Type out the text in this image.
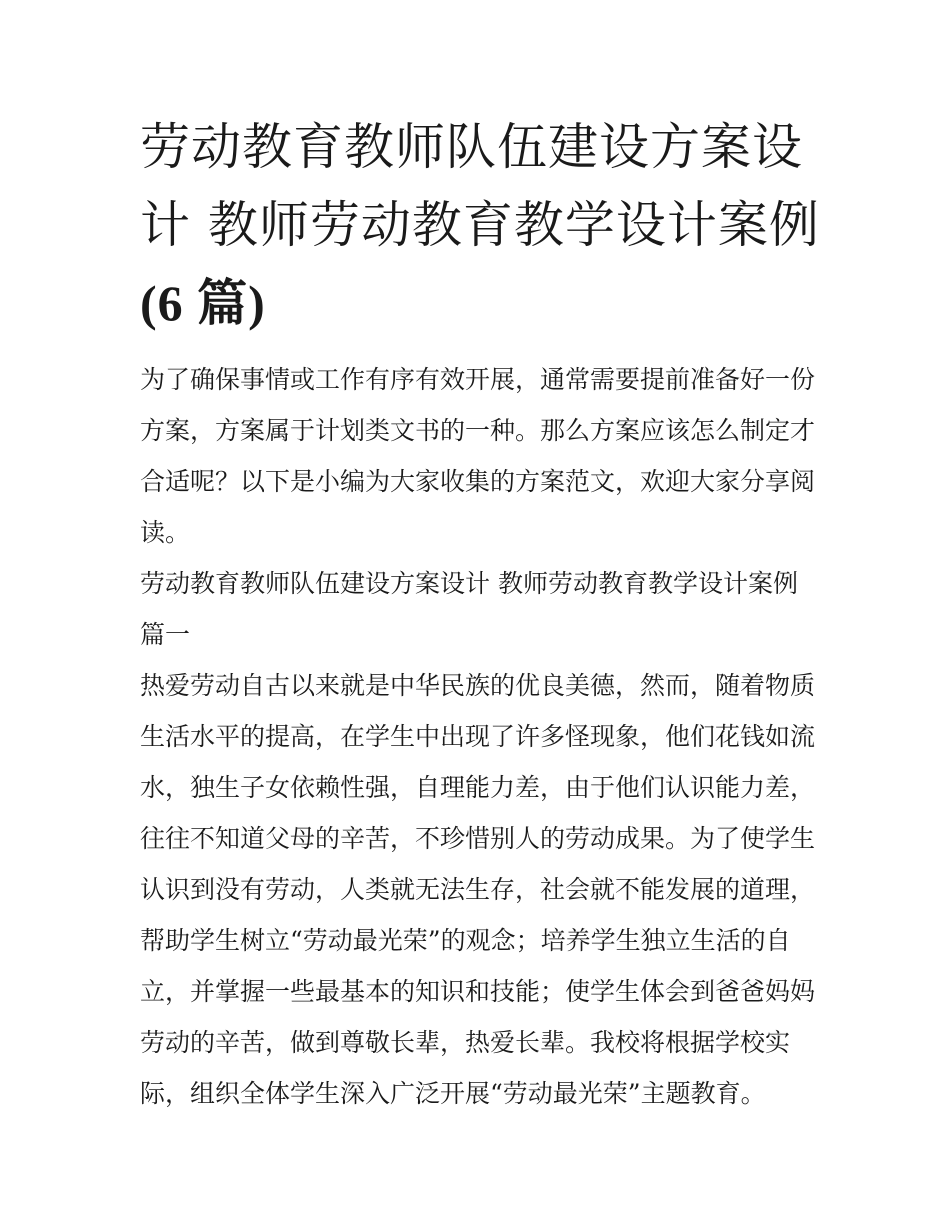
劳动教育教师队伍建设方案设
计 教师劳动教育教学设计案例
(6 篇)
为了确保事情或工作有序有效开展，通常需要提前准备好一份
方案，方案属于计划类文书的一种。那么方案应该怎么制定才
合适呢？以下是小编为大家收集的方案范文，欢迎大家分享阅
读。
劳动教育教师队伍建设方案设计 教师劳动教育教学设计案例
篇一
热爱劳动自古以来就是中华民族的优良美德，然而，随着物质
生活水平的提高，在学生中出现了许多怪现象，他们花钱如流
水，独生子女依赖性强，自理能力差，由于他们认识能力差，
往往不知道父母的辛苦，不珍惜别人的劳动成果。为了使学生
认识到没有劳动，人类就无法生存，社会就不能发展的道理，
帮助学生树立“劳动最光荣”的观念；培养学生独立生活的自
立，并掌握一些最基本的知识和技能；使学生体会到爸爸妈妈
劳动的辛苦，做到尊敬长辈，热爱长辈。我校将根据学校实
际，组织全体学生深入广泛开展“劳动最光荣”主题教育。
